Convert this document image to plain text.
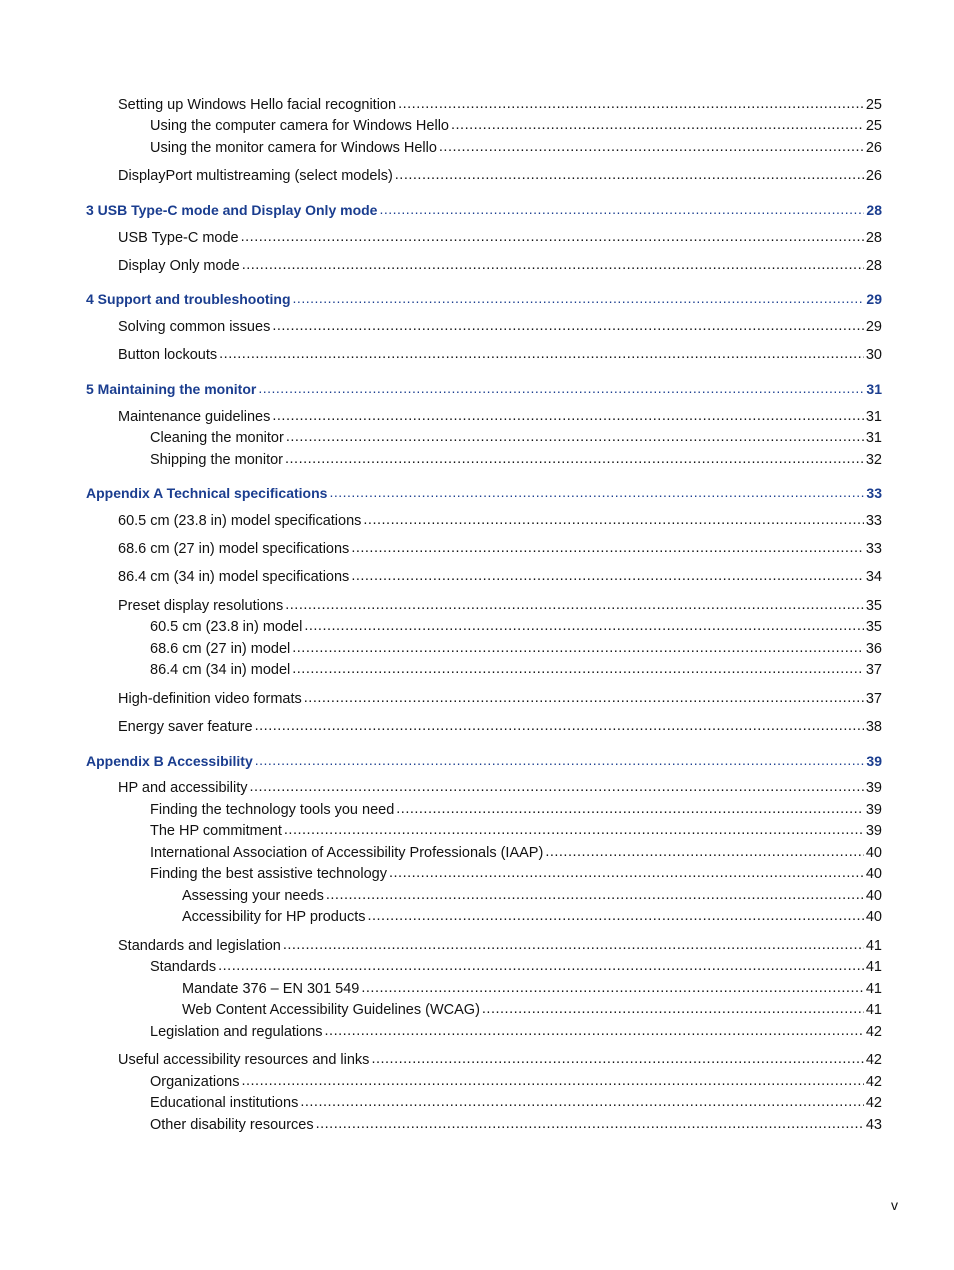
Setting up Windows Hello facial recognition .....	25
Using the computer camera for Windows Hello .....	25
Using the monitor camera for Windows Hello .....	26
DisplayPort multistreaming (select models) .....	26
3 USB Type-C mode and Display Only mode .....	28
USB Type-C mode .....	28
Display Only mode .....	28
4 Support and troubleshooting .....	29
Solving common issues .....	29
Button lockouts .....	30
5 Maintaining the monitor .....	31
Maintenance guidelines .....	31
Cleaning the monitor .....	31
Shipping the monitor .....	32
Appendix A Technical specifications .....	33
60.5 cm (23.8 in) model specifications .....	33
68.6 cm (27 in) model specifications .....	33
86.4 cm (34 in) model specifications .....	34
Preset display resolutions .....	35
60.5 cm (23.8 in) model .....	35
68.6 cm (27 in) model .....	36
86.4 cm (34 in) model .....	37
High-definition video formats .....	37
Energy saver feature .....	38
Appendix B Accessibility .....	39
HP and accessibility .....	39
Finding the technology tools you need .....	39
The HP commitment .....	39
International Association of Accessibility Professionals (IAAP) .....	40
Finding the best assistive technology .....	40
Assessing your needs .....	40
Accessibility for HP products .....	40
Standards and legislation .....	41
Standards .....	41
Mandate 376 – EN 301 549 .....	41
Web Content Accessibility Guidelines (WCAG) .....	41
Legislation and regulations .....	42
Useful accessibility resources and links .....	42
Organizations .....	42
Educational institutions .....	42
Other disability resources .....	43
v
